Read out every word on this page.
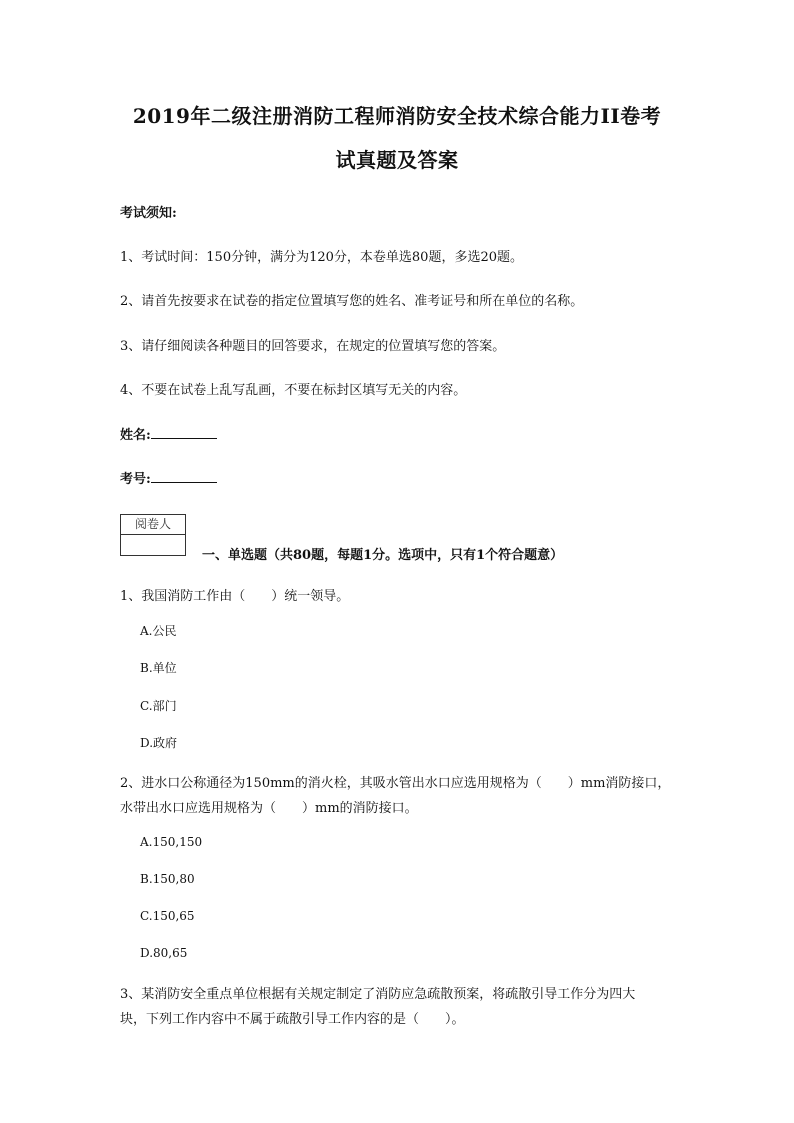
2019年二级注册消防工程师消防安全技术综合能力II卷考
试真题及答案
考试须知:
1、考试时间：150分钟，满分为120分，本卷单选80题，多选20题。
2、请首先按要求在试卷的指定位置填写您的姓名、准考证号和所在单位的名称。
3、请仔细阅读各种题目的回答要求，在规定的位置填写您的答案。
4、不要在试卷上乱写乱画，不要在标封区填写无关的内容。
姓名:
考号:
阅卷人
一、单选题（共80题，每题1分。选项中，只有1个符合题意）
1、我国消防工作由（　　）统一领导。
A.公民
B.单位
C.部门
D.政府
2、进水口公称通径为150mm的消火栓，其吸水管出水口应选用规格为（　　）mm消防接口，
水带出水口应选用规格为（　　）mm的消防接口。
A.150,150
B.150,80
C.150,65
D.80,65
3、某消防安全重点单位根据有关规定制定了消防应急疏散预案，将疏散引导工作分为四大
块，下列工作内容中不属于疏散引导工作内容的是（　　）。
